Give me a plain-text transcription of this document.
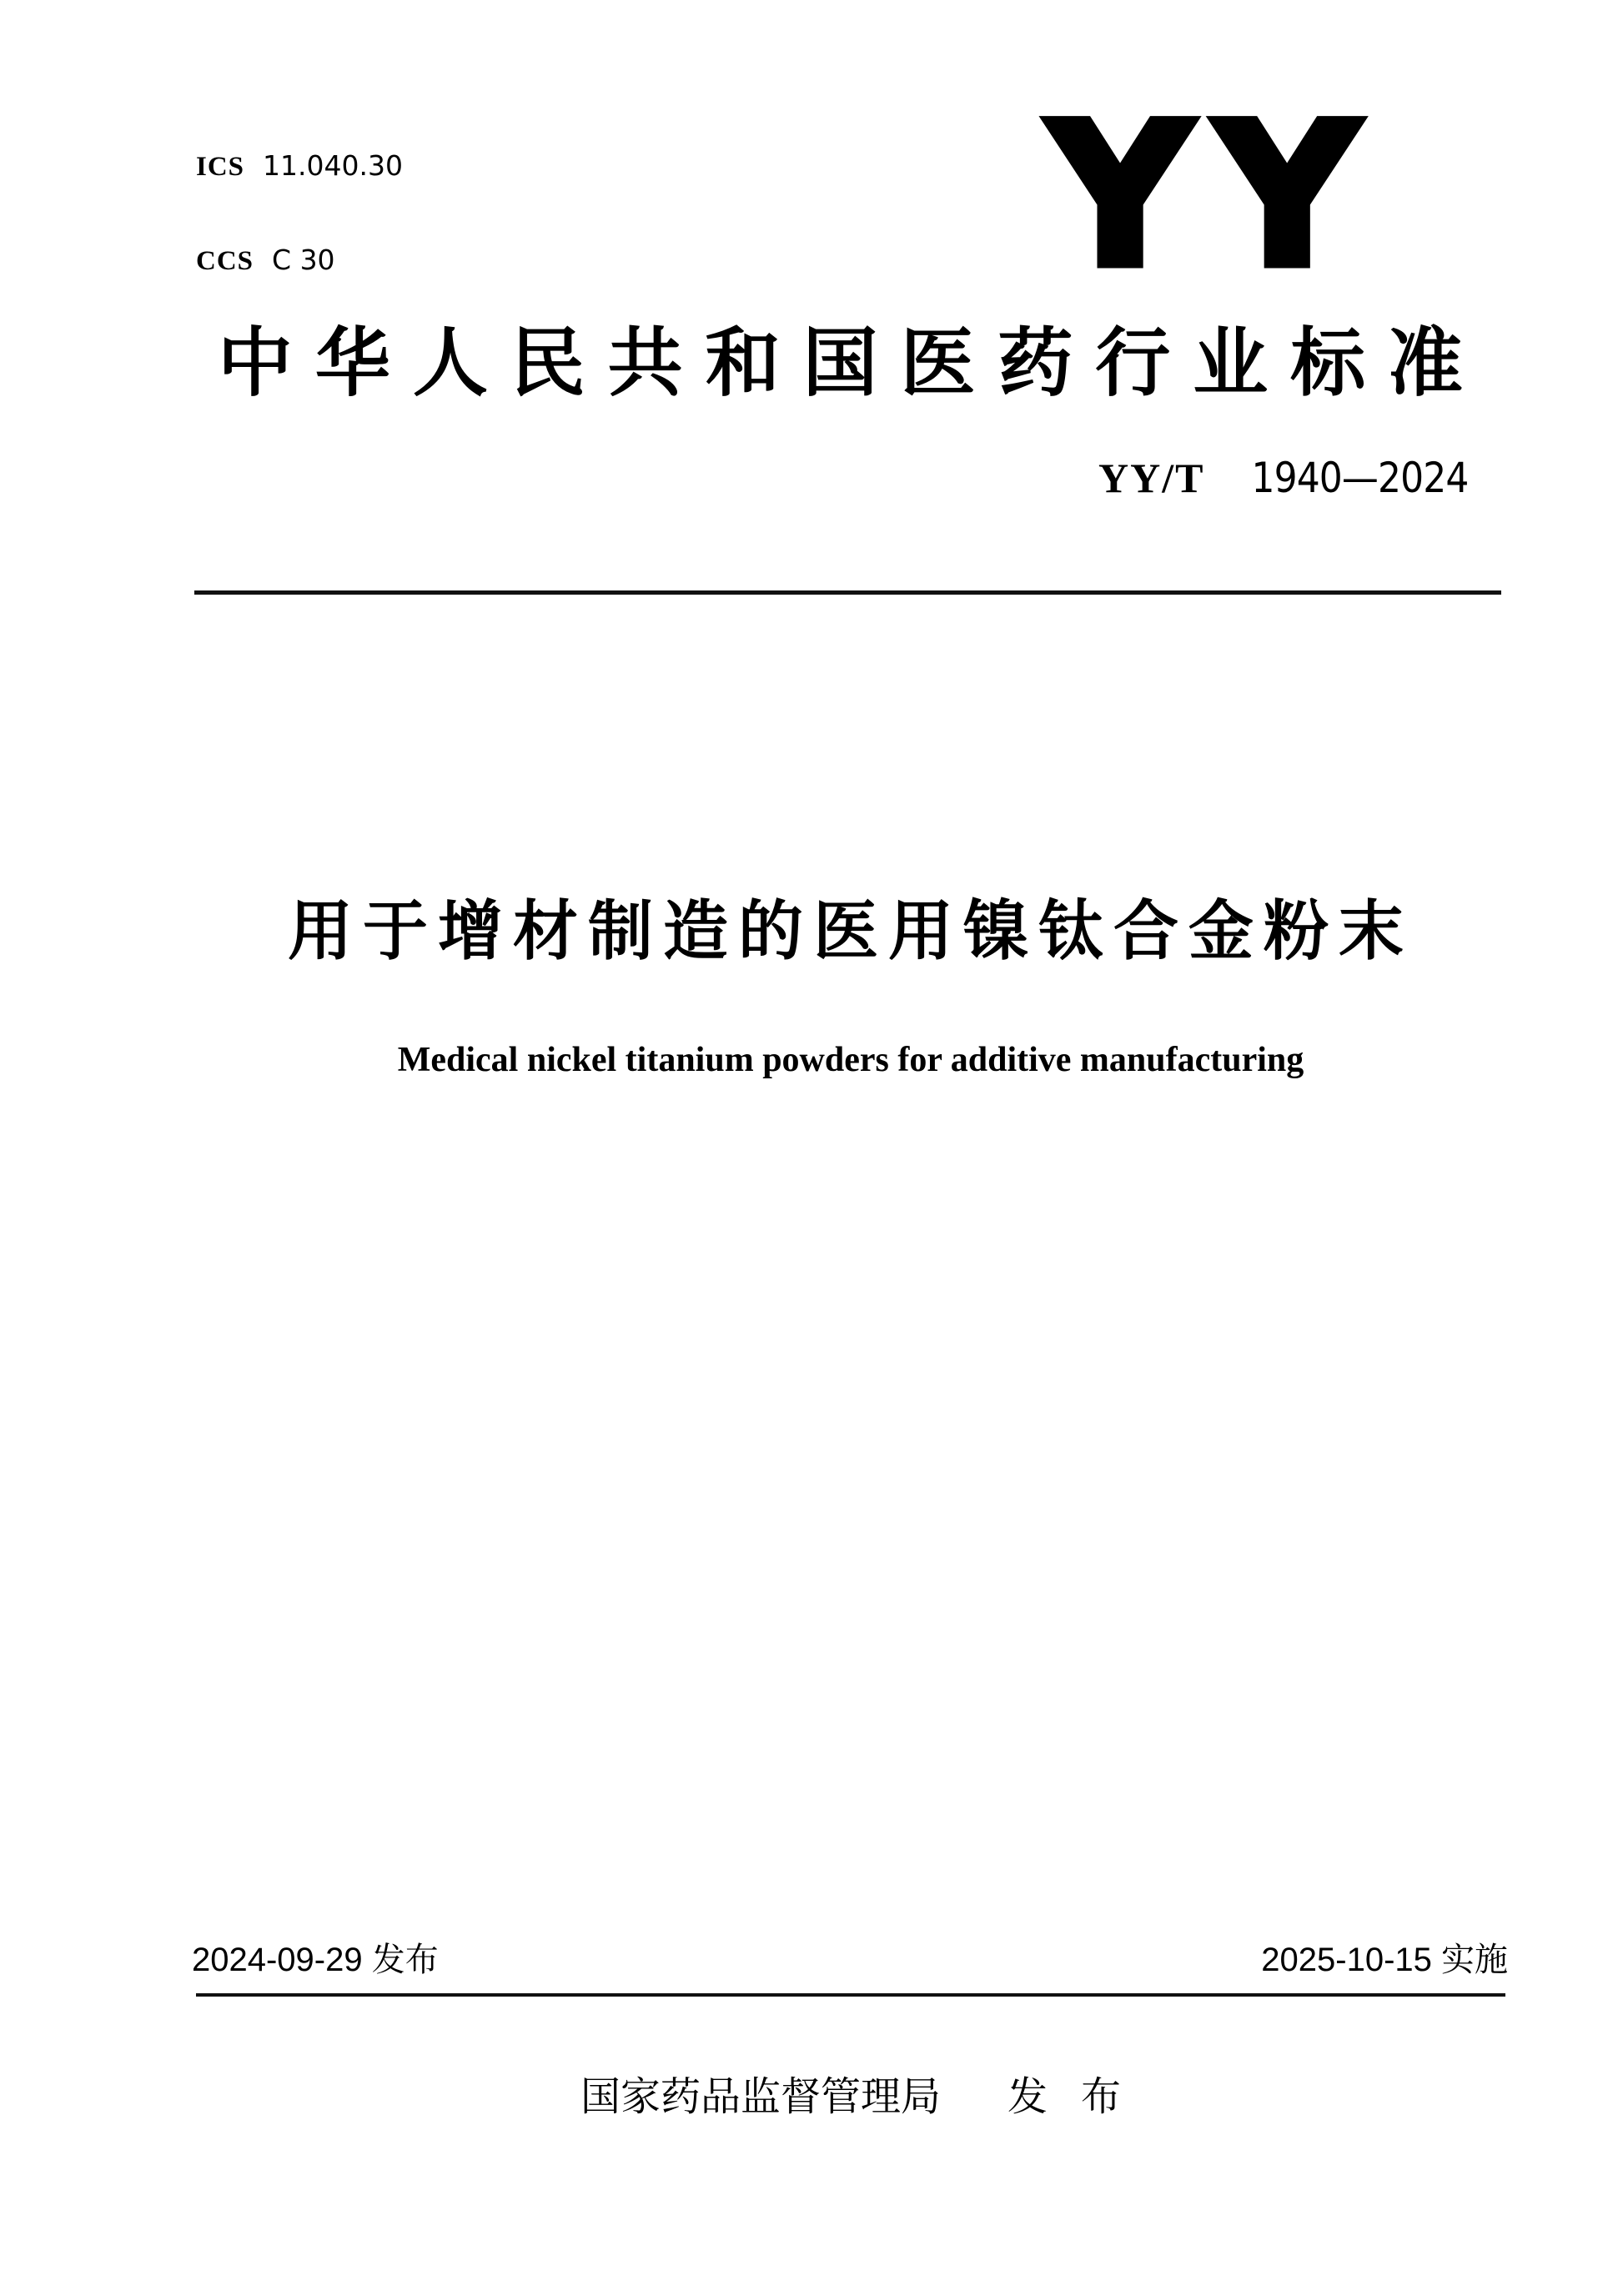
ICS 11.040.30

CCS C 30

	YY
中华人民共和国医药行业标准
YY/T 1940—2024
用于增材制造的医用镍钛合金粉末
Medical nickel titanium powders for additive manufacturing
2024-09-29 发布	2025-10-15 实施
国家药品监督管理局      发   布
